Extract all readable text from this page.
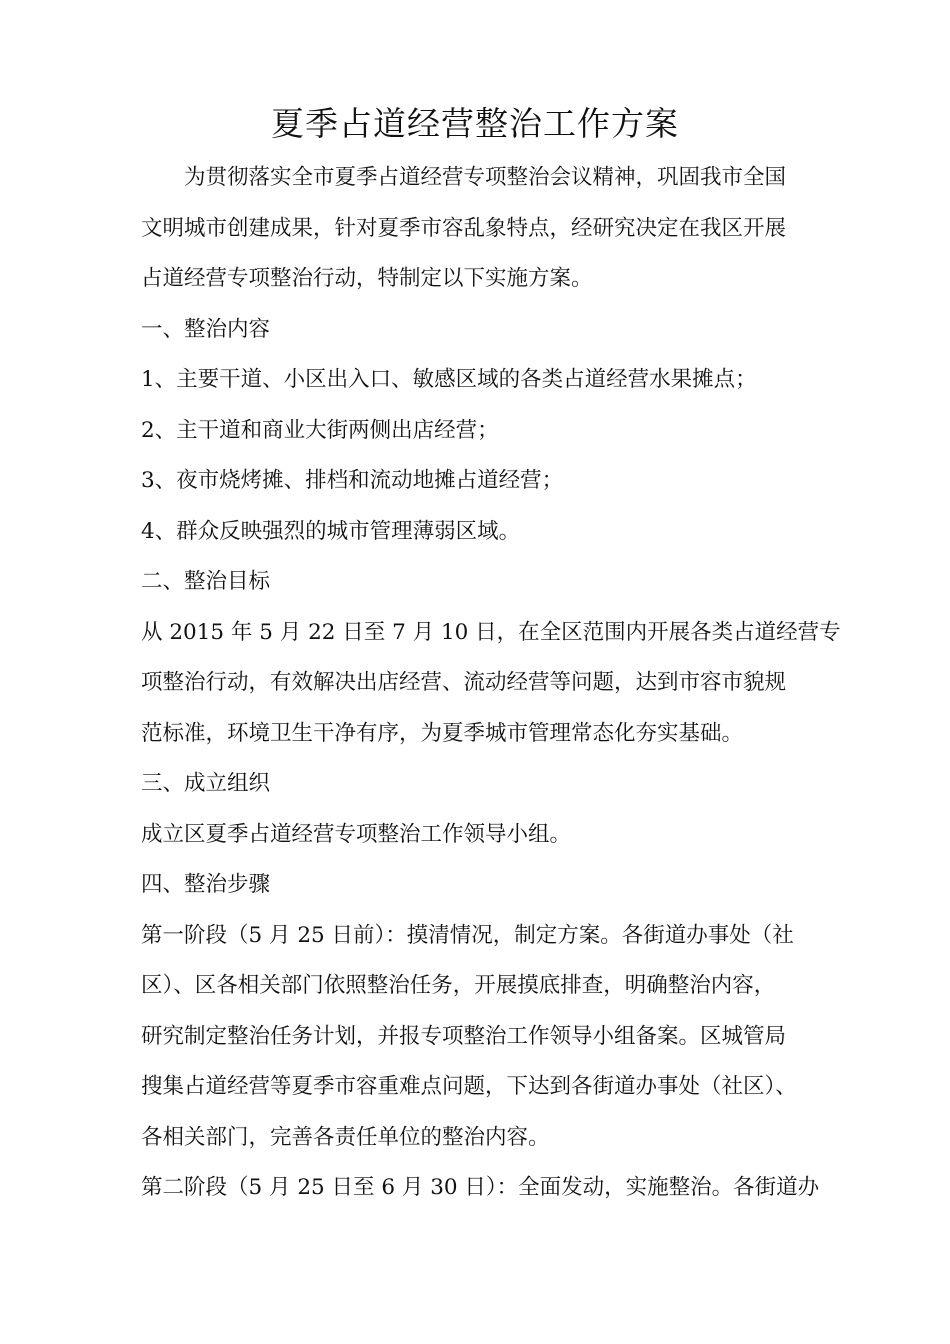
夏季占道经营整治工作方案

为贯彻落实全市夏季占道经营专项整治会议精神，巩固我市全国

文明城市创建成果，针对夏季市容乱象特点，经研究决定在我区开展

占道经营专项整治行动，特制定以下实施方案。

一、整治内容

1、主要干道、小区出入口、敏感区域的各类占道经营水果摊点；

2、主干道和商业大街两侧出店经营；

3、夜市烧烤摊、排档和流动地摊占道经营；

4、群众反映强烈的城市管理薄弱区域。

二、整治目标

从 2015 年 5 月 22 日至 7 月 10 日，在全区范围内开展各类占道经营专

项整治行动，有效解决出店经营、流动经营等问题，达到市容市貌规

范标准，环境卫生干净有序，为夏季城市管理常态化夯实基础。

三、成立组织

成立区夏季占道经营专项整治工作领导小组。

四、整治步骤

第一阶段（5 月 25 日前）：摸清情况，制定方案。各街道办事处（社

区）、区各相关部门依照整治任务，开展摸底排查，明确整治内容，

研究制定整治任务计划，并报专项整治工作领导小组备案。区城管局

搜集占道经营等夏季市容重难点问题，下达到各街道办事处（社区）、

各相关部门，完善各责任单位的整治内容。

第二阶段（5 月 25 日至 6 月 30 日）：全面发动，实施整治。各街道办
